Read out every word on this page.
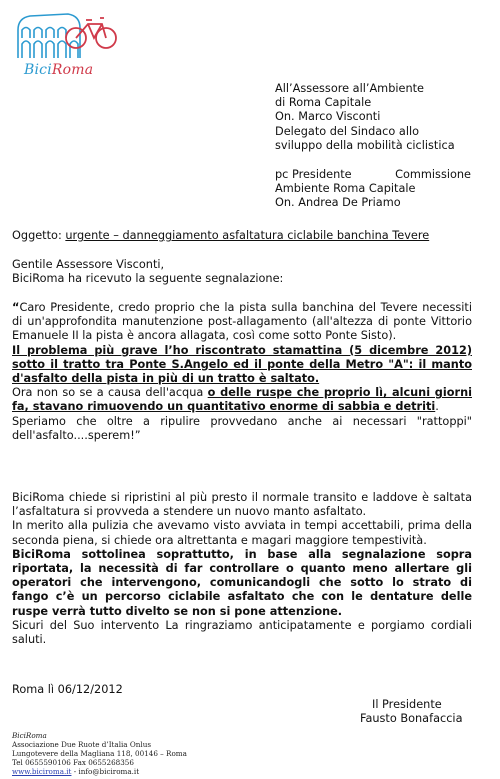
BiciRoma
All’Assessore all’Ambiente
di Roma Capitale
On. Marco Visconti
Delegato del Sindaco allo
sviluppo della mobilità ciclistica
pc Presidente	Commissione
Ambiente Roma Capitale
On. Andrea De Priamo
Oggetto: urgente – danneggiamento asfaltatura ciclabile banchina Tevere
Gentile Assessore Visconti,
BiciRoma ha ricevuto la seguente segnalazione:

“Caro Presidente, credo proprio che la pista sulla banchina del Tevere necessiti di un'approfondita manutenzione post-allagamento (all'altezza di ponte Vittorio Emanuele II la pista è ancora allagata, così come sotto Ponte Sisto).

Il problema più grave l’ho riscontrato stamattina (5 dicembre 2012) sotto il tratto tra Ponte S.Angelo ed il ponte della Metro "A": il manto d'asfalto della pista in più di un tratto è saltato.

Ora non so se a causa dell'acqua o delle ruspe che proprio lì, alcuni giorni fa, stavano rimuovendo un quantitativo enorme di sabbia e detriti.

Speriamo che oltre a ripulire provvedano anche ai necessari "rattoppi" dell'asfalto....sperem!”

BiciRoma chiede si ripristini al più presto il normale transito e laddove è saltata l’asfaltatura si provveda a stendere un nuovo manto asfaltato.

In merito alla pulizia che avevamo visto avviata in tempi accettabili, prima della seconda piena, si chiede ora altrettanta e magari maggiore tempestività.

BiciRoma sottolinea soprattutto, in base alla segnalazione sopra riportata, la necessità di far controllare o quanto meno allertare gli operatori che intervengono, comunicandogli che sotto lo strato di fango c’è un percorso ciclabile asfaltato che con le dentature delle ruspe verrà tutto divelto se non si pone attenzione.

Sicuri del Suo intervento La ringraziamo anticipatamente e porgiamo cordiali saluti.

Roma lì 06/12/2012
Il Presidente
Fausto Bonafaccia
BiciRoma
Associazione Due Ruote d’Italia Onlus
Lungotevere della Magliana 118, 00146 – Roma
Tel 0655590106 Fax 0655268356
www.biciroma.it - info@biciroma.it
